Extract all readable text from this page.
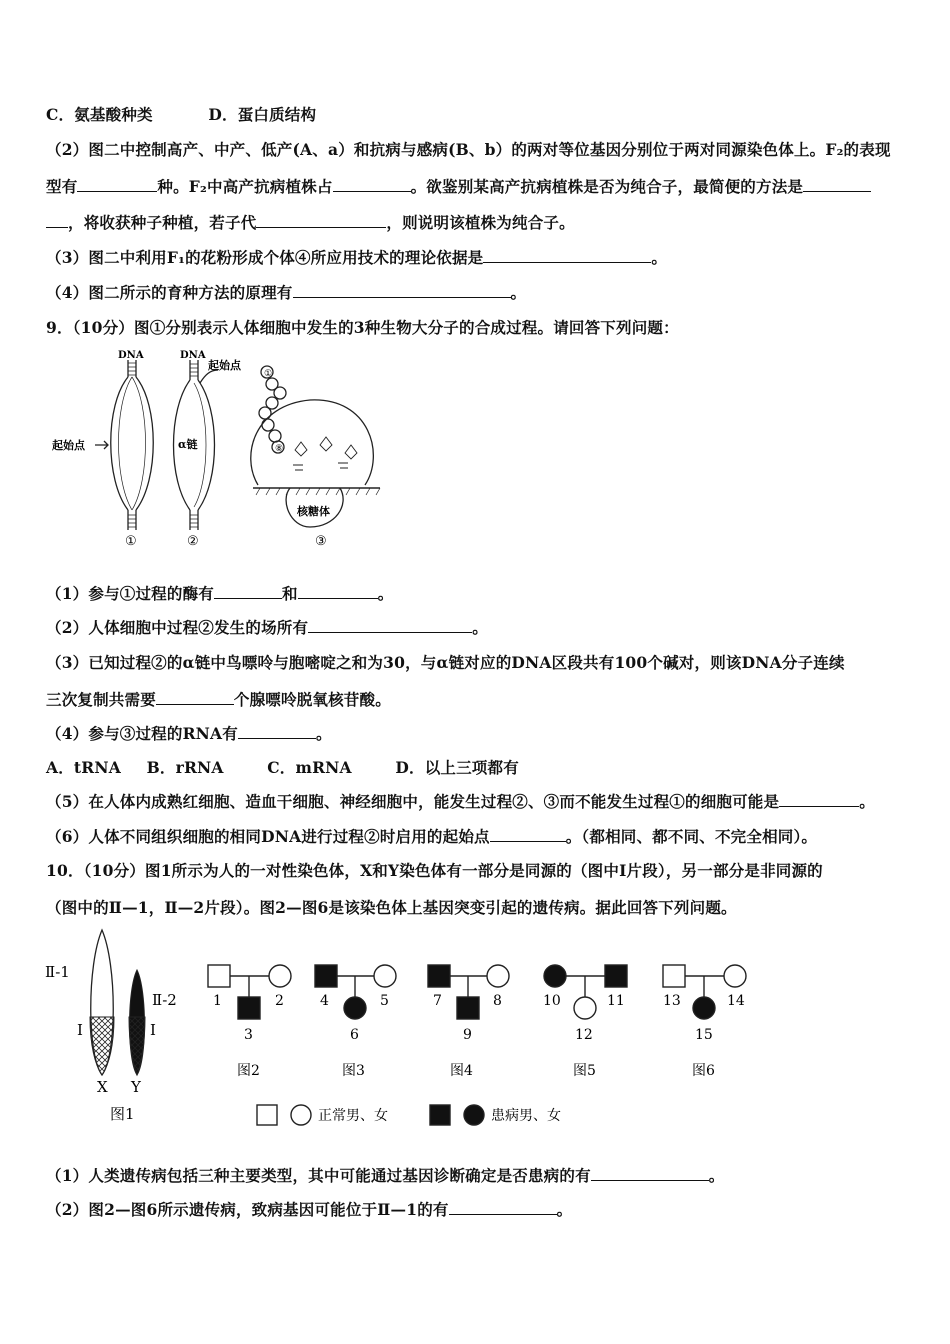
C．氨基酸种类	D．蛋白质结构
（2）图二中控制高产、中产、低产(A、a）和抗病与感病(B、b）的两对等位基因分别位于两对同源染色体上。F₂的表现
型有	种。F₂中高产抗病植株占	。欲鉴别某高产抗病植株是否为纯合子，最简便的方法是
，将收获种子种植，若子代	，则说明该植株为纯合子。
（3）图二中利用F₁的花粉形成个体④所应用技术的理论依据是	。
（4）图二所示的育种方法的原理有	。
9．（10分）图①分别表示人体细胞中发生的3种生物大分子的合成过程。请回答下列问题：
DNA	DNA
起始点
起始点	α链
核糖体
①
⑧
①	②	③
（1）参与①过程的酶有	和	。
（2）人体细胞中过程②发生的场所有	。
（3）已知过程②的α链中鸟嘌呤与胞嘧啶之和为30，与α链对应的DNA区段共有100个碱对，则该DNA分子连续
三次复制共需要	个腺嘌呤脱氧核苷酸。
（4）参与③过程的RNA有	。
A．tRNA B．rRNA	C．mRNA	D．以上三项都有
（5）在人体内成熟红细胞、造血干细胞、神经细胞中，能发生过程②、③而不能发生过程①的细胞可能是	。
（6）人体不同组织细胞的相同DNA进行过程②时启用的起始点	。（都相同、都不同、不完全相同）。
10．（10分）图1所示为人的一对性染色体，X和Y染色体有一部分是同源的（图中Ⅰ片段），另一部分是非同源的
（图中的Ⅱ—1，Ⅱ—2片段）。图2—图6是该染色体上基因突变引起的遗传病。据此回答下列问题。
Ⅱ-1
Ⅱ-2
Ⅰ	Ⅰ
X Y
图1
1	2
3
4	5
6
7	8
9
10	11
12
13	14
15
图2	图3	图4	图5	图6
正常男、女	患病男、女
（1）人类遗传病包括三种主要类型，其中可能通过基因诊断确定是否患病的有	。
（2）图2—图6所示遗传病，致病基因可能位于Ⅱ—1的有	。
